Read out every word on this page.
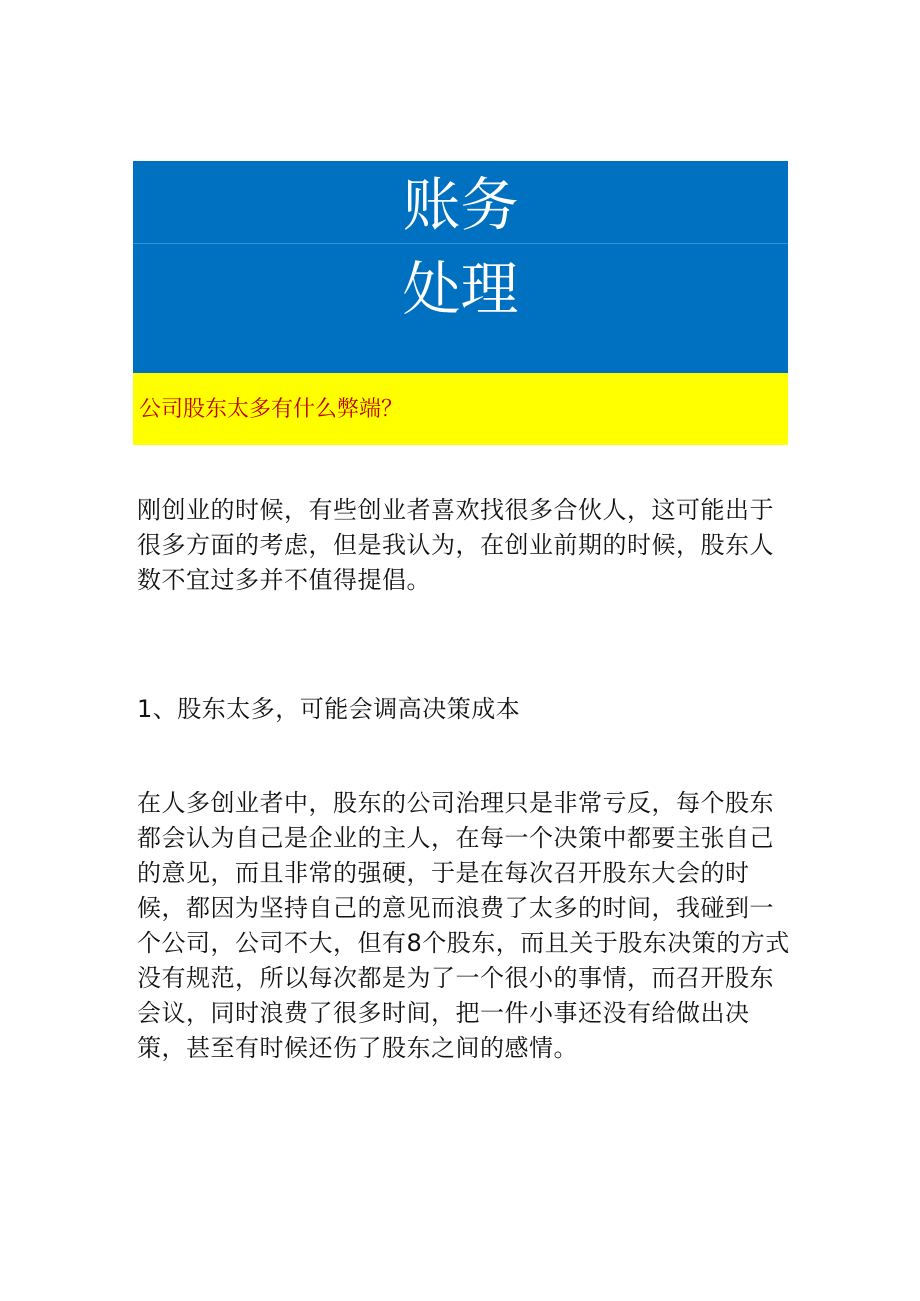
账务
处理
公司股东太多有什么弊端？

刚创业的时候，有些创业者喜欢找很多合伙人，这可能出于很多方面的考虑，但是我认为，在创业前期的时候，股东人数不宜过多并不值得提倡。

1、股东太多，可能会调高决策成本

在人多创业者中，股东的公司治理只是非常亏反，每个股东都会认为自己是企业的主人，在每一个决策中都要主张自己的意见，而且非常的强硬，于是在每次召开股东大会的时候，都因为坚持自己的意见而浪费了太多的时间，我碰到一个公司，公司不大，但有8个股东，而且关于股东决策的方式没有规范，所以每次都是为了一个很小的事情，而召开股东会议，同时浪费了很多时间，把一件小事还没有给做出决策，甚至有时候还伤了股东之间的感情。
